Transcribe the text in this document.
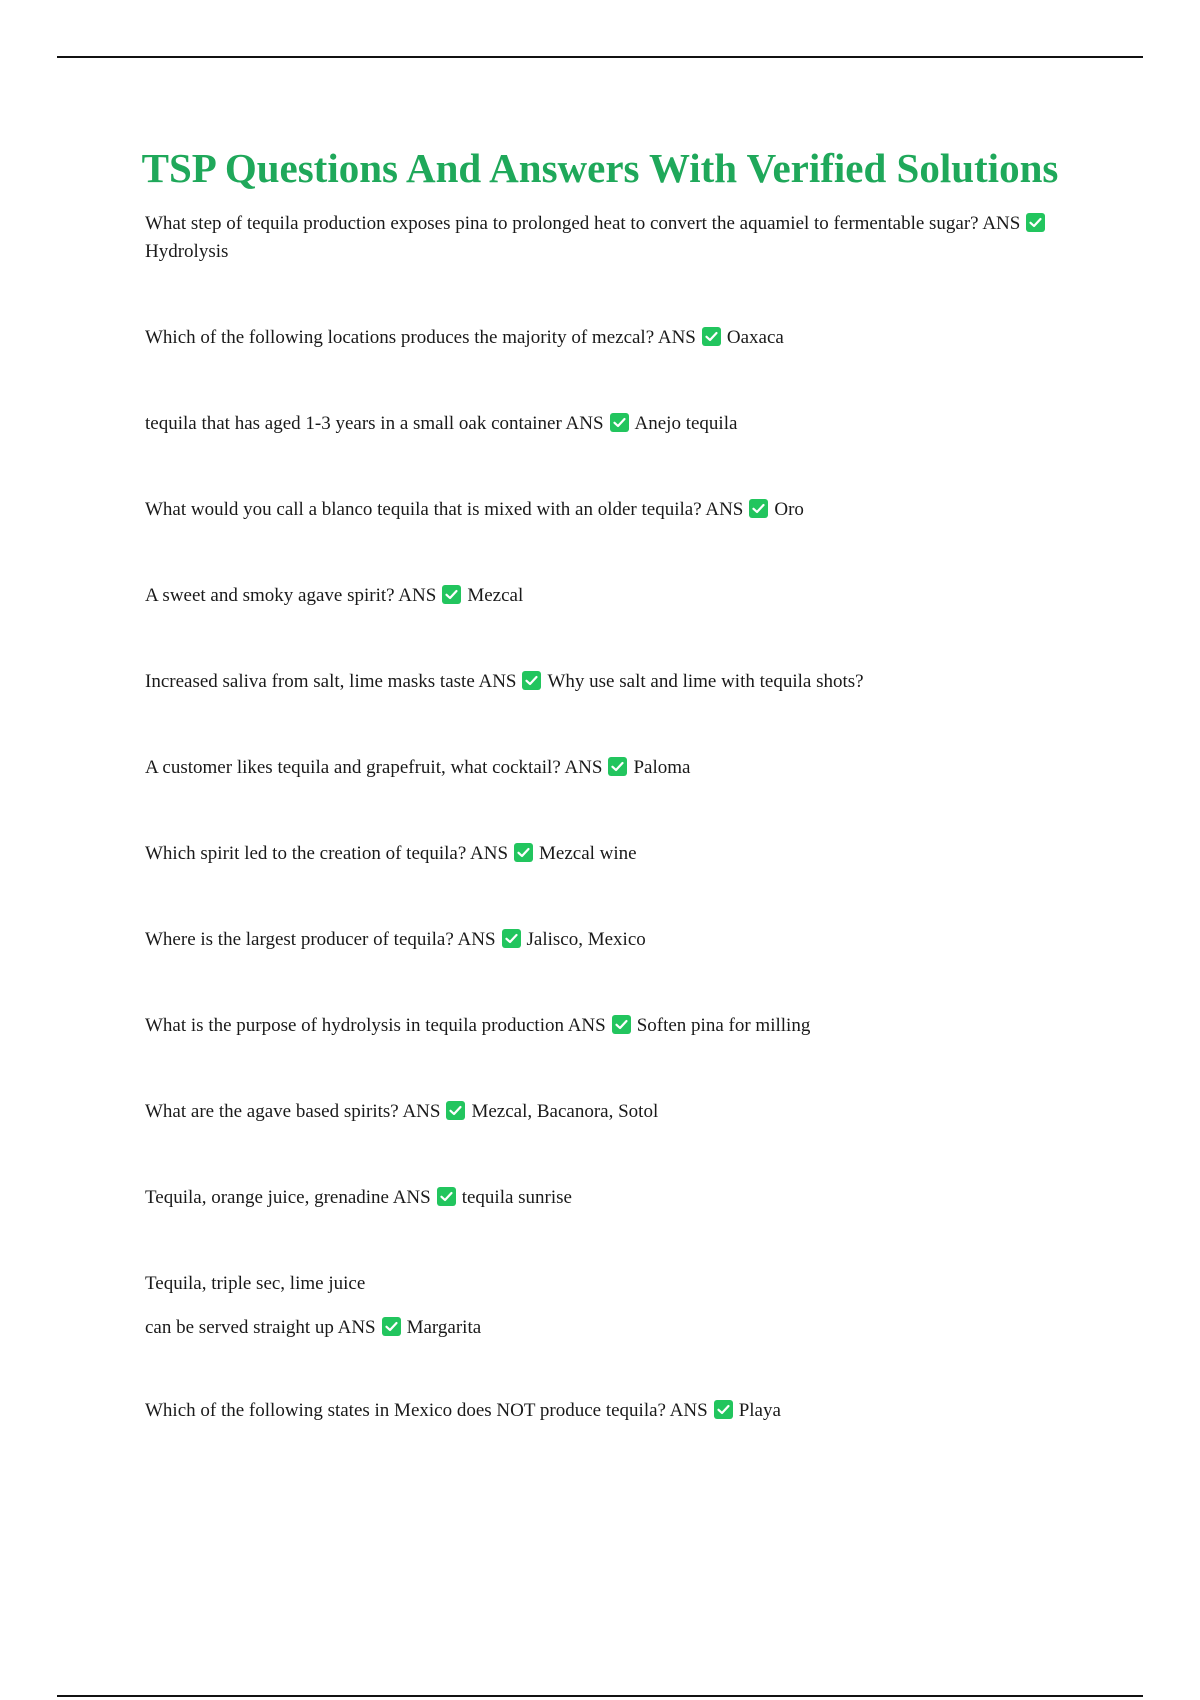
TSP Questions And Answers With Verified Solutions
What step of tequila production exposes pina to prolonged heat to convert the aquamiel to fermentable sugar? ANS
Hydrolysis
Which of the following locations produces the majority of mezcal? ANS Oaxaca
tequila that has aged 1-3 years in a small oak container ANS Anejo tequila
What would you call a blanco tequila that is mixed with an older tequila? ANS Oro
A sweet and smoky agave spirit? ANS Mezcal
Increased saliva from salt, lime masks taste ANS Why use salt and lime with tequila shots?
A customer likes tequila and grapefruit, what cocktail? ANS Paloma
Which spirit led to the creation of tequila? ANS Mezcal wine
Where is the largest producer of tequila? ANS Jalisco, Mexico
What is the purpose of hydrolysis in tequila production ANS Soften pina for milling
What are the agave based spirits? ANS Mezcal, Bacanora, Sotol
Tequila, orange juice, grenadine ANS tequila sunrise
Tequila, triple sec, lime juice
can be served straight up ANS Margarita
Which of the following states in Mexico does NOT produce tequila? ANS Playa
